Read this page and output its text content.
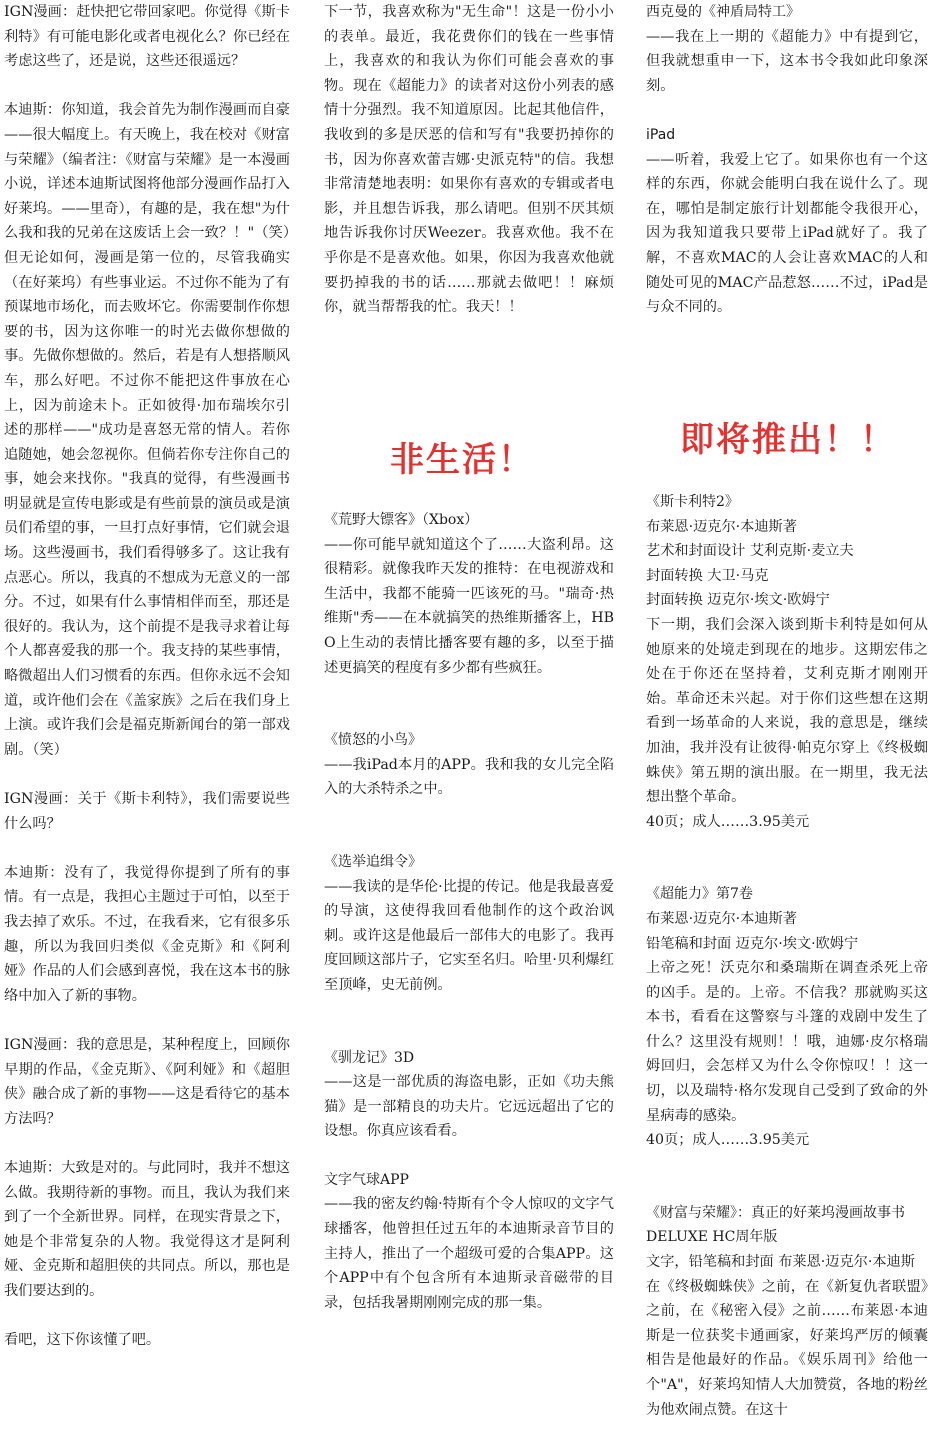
IGN漫画：赶快把它带回家吧。你觉得《斯卡利特》有可能电影化或者电视化么？你已经在考虑这些了，还是说，这些还很遥远？

本迪斯：你知道，我会首先为制作漫画而自豪——很大幅度上。有天晚上，我在校对《财富与荣耀》（编者注：《财富与荣耀》是一本漫画小说，详述本迪斯试图将他部分漫画作品打入好莱坞。——里奇），有趣的是，我在想"为什么我和我的兄弟在这废话上会一致？！"（笑）但无论如何，漫画是第一位的，尽管我确实（在好莱坞）有些事业运。不过你不能为了有预谋地市场化，而去败坏它。你需要制作你想要的书，因为这你唯一的时光去做你想做的事。先做你想做的。然后，若是有人想搭顺风车，那么好吧。不过你不能把这件事放在心上，因为前途未卜。正如彼得·加布瑞埃尔引述的那样——"成功是喜怒无常的情人。若你追随她，她会忽视你。但倘若你专注你自己的事，她会来找你。"我真的觉得，有些漫画书明显就是宣传电影或是有些前景的演员或是演员们希望的事，一旦打点好事情，它们就会退场。这些漫画书，我们看得够多了。这让我有点恶心。所以，我真的不想成为无意义的一部分。不过，如果有什么事情相伴而至，那还是很好的。我认为，这个前提不是我寻求着让每个人都喜爱我的那一个。我支持的某些事情，略微超出人们习惯看的东西。但你永远不会知道，或许他们会在《盖家族》之后在我们身上上演。或许我们会是福克斯新闻台的第一部戏剧。（笑）

IGN漫画：关于《斯卡利特》，我们需要说些什么吗？

本迪斯：没有了，我觉得你提到了所有的事情。有一点是，我担心主题过于可怕，以至于我去掉了欢乐。不过，在我看来，它有很多乐趣，所以为我回归类似《金克斯》和《阿利娅》作品的人们会感到喜悦，我在这本书的脉络中加入了新的事物。

IGN漫画：我的意思是，某种程度上，回顾你早期的作品，《金克斯》、《阿利娅》和《超胆侠》融合成了新的事物——这是看待它的基本方法吗？

本迪斯：大致是对的。与此同时，我并不想这么做。我期待新的事物。而且，我认为我们来到了一个全新世界。同样，在现实背景之下，她是个非常复杂的人物。我觉得这才是阿利娅、金克斯和超胆侠的共同点。所以，那也是我们要达到的。

看吧，这下你该懂了吧。

下一节，我喜欢称为"无生命"！这是一份小小的表单。最近，我花费你们的钱在一些事情上，我喜欢的和我认为你们可能会喜欢的事物。现在《超能力》的读者对这份小列表的感情十分强烈。我不知道原因。比起其他信件，我收到的多是厌恶的信和写有"我要扔掉你的书，因为你喜欢蕾吉娜·史派克特"的信。我想非常清楚地表明：如果你有喜欢的专辑或者电影，并且想告诉我，那么请吧。但别不厌其烦地告诉我你讨厌Weezer。我喜欢他。我不在乎你是不是喜欢他。如果，你因为我喜欢他就要扔掉我的书的话……那就去做吧！！麻烦你，就当帮帮我的忙。我天！！

非生活！

《荒野大镖客》（Xbox）

——你可能早就知道这个了……大盗利昂。这很精彩。就像我昨天发的推特：在电视游戏和生活中，我都不能骑一匹该死的马。"瑞奇·热维斯"秀——在本就搞笑的热维斯播客上，HBO上生动的表情比播客要有趣的多，以至于描述更搞笑的程度有多少都有些疯狂。

《愤怒的小鸟》

——我iPad本月的APP。我和我的女儿完全陷入的大杀特杀之中。

《选举追缉令》

——我读的是华伦·比提的传记。他是我最喜爱的导演，这使得我回看他制作的这个政治讽刺。或许这是他最后一部伟大的电影了。我再度回顾这部片子，它实至名归。哈里·贝利爆红至顶峰，史无前例。

《驯龙记》3D

——这是一部优质的海盗电影，正如《功夫熊猫》是一部精良的功夫片。它远远超出了它的设想。你真应该看看。

文字气球APP

——我的密友约翰·特斯有个令人惊叹的文字气球播客，他曾担任过五年的本迪斯录音节目的主持人，推出了一个超级可爱的合集APP。这个APP中有个包含所有本迪斯录音磁带的目录，包括我暑期刚刚完成的那一集。

西克曼的《神盾局特工》

——我在上一期的《超能力》中有提到它，但我就想重申一下，这本书令我如此印象深刻。

iPad

——听着，我爱上它了。如果你也有一个这样的东西，你就会能明白我在说什么了。现在，哪怕是制定旅行计划都能令我很开心，因为我知道我只要带上iPad就好了。我了解，不喜欢MAC的人会让喜欢MAC的人和随处可见的MAC产品惹怒……不过，iPad是与众不同的。

即将推出！！

《斯卡利特2》

布莱恩·迈克尔·本迪斯著

艺术和封面设计 艾利克斯·麦立夫

封面转换 大卫·马克

封面转换 迈克尔·埃文·欧姆宁

下一期，我们会深入谈到斯卡利特是如何从她原来的处境走到现在的地步。这期宏伟之处在于你还在坚持着，艾利克斯才刚刚开始。革命还未兴起。对于你们这些想在这期看到一场革命的人来说，我的意思是，继续加油，我并没有让彼得·帕克尔穿上《终极蜘蛛侠》第五期的演出服。在一期里，我无法想出整个革命。

40页；成人……3.95美元

《超能力》第7卷

布莱恩·迈克尔·本迪斯著

铅笔稿和封面 迈克尔·埃文·欧姆宁

上帝之死！沃克尔和桑瑞斯在调查杀死上帝的凶手。是的。上帝。不信我？那就购买这本书，看看在这警察与斗篷的戏剧中发生了什么？这里没有规则！！哦，迪娜·皮尔格瑞姆回归，会怎样又为什么令你惊叹！！这一切，以及瑞特·格尔发现自己受到了致命的外星病毒的感染。

40页；成人……3.95美元

《财富与荣耀》：真正的好莱坞漫画故事书DELUXE HC周年版

文字，铅笔稿和封面 布莱恩·迈克尔·本迪斯

在《终极蜘蛛侠》之前，在《新复仇者联盟》之前，在《秘密入侵》之前……布莱恩·本迪斯是一位获奖卡通画家，好莱坞严厉的倾囊相告是他最好的作品。《娱乐周刊》给他一个"A"，好莱坞知情人大加赞赏，各地的粉丝为他欢闹点赞。在这十
